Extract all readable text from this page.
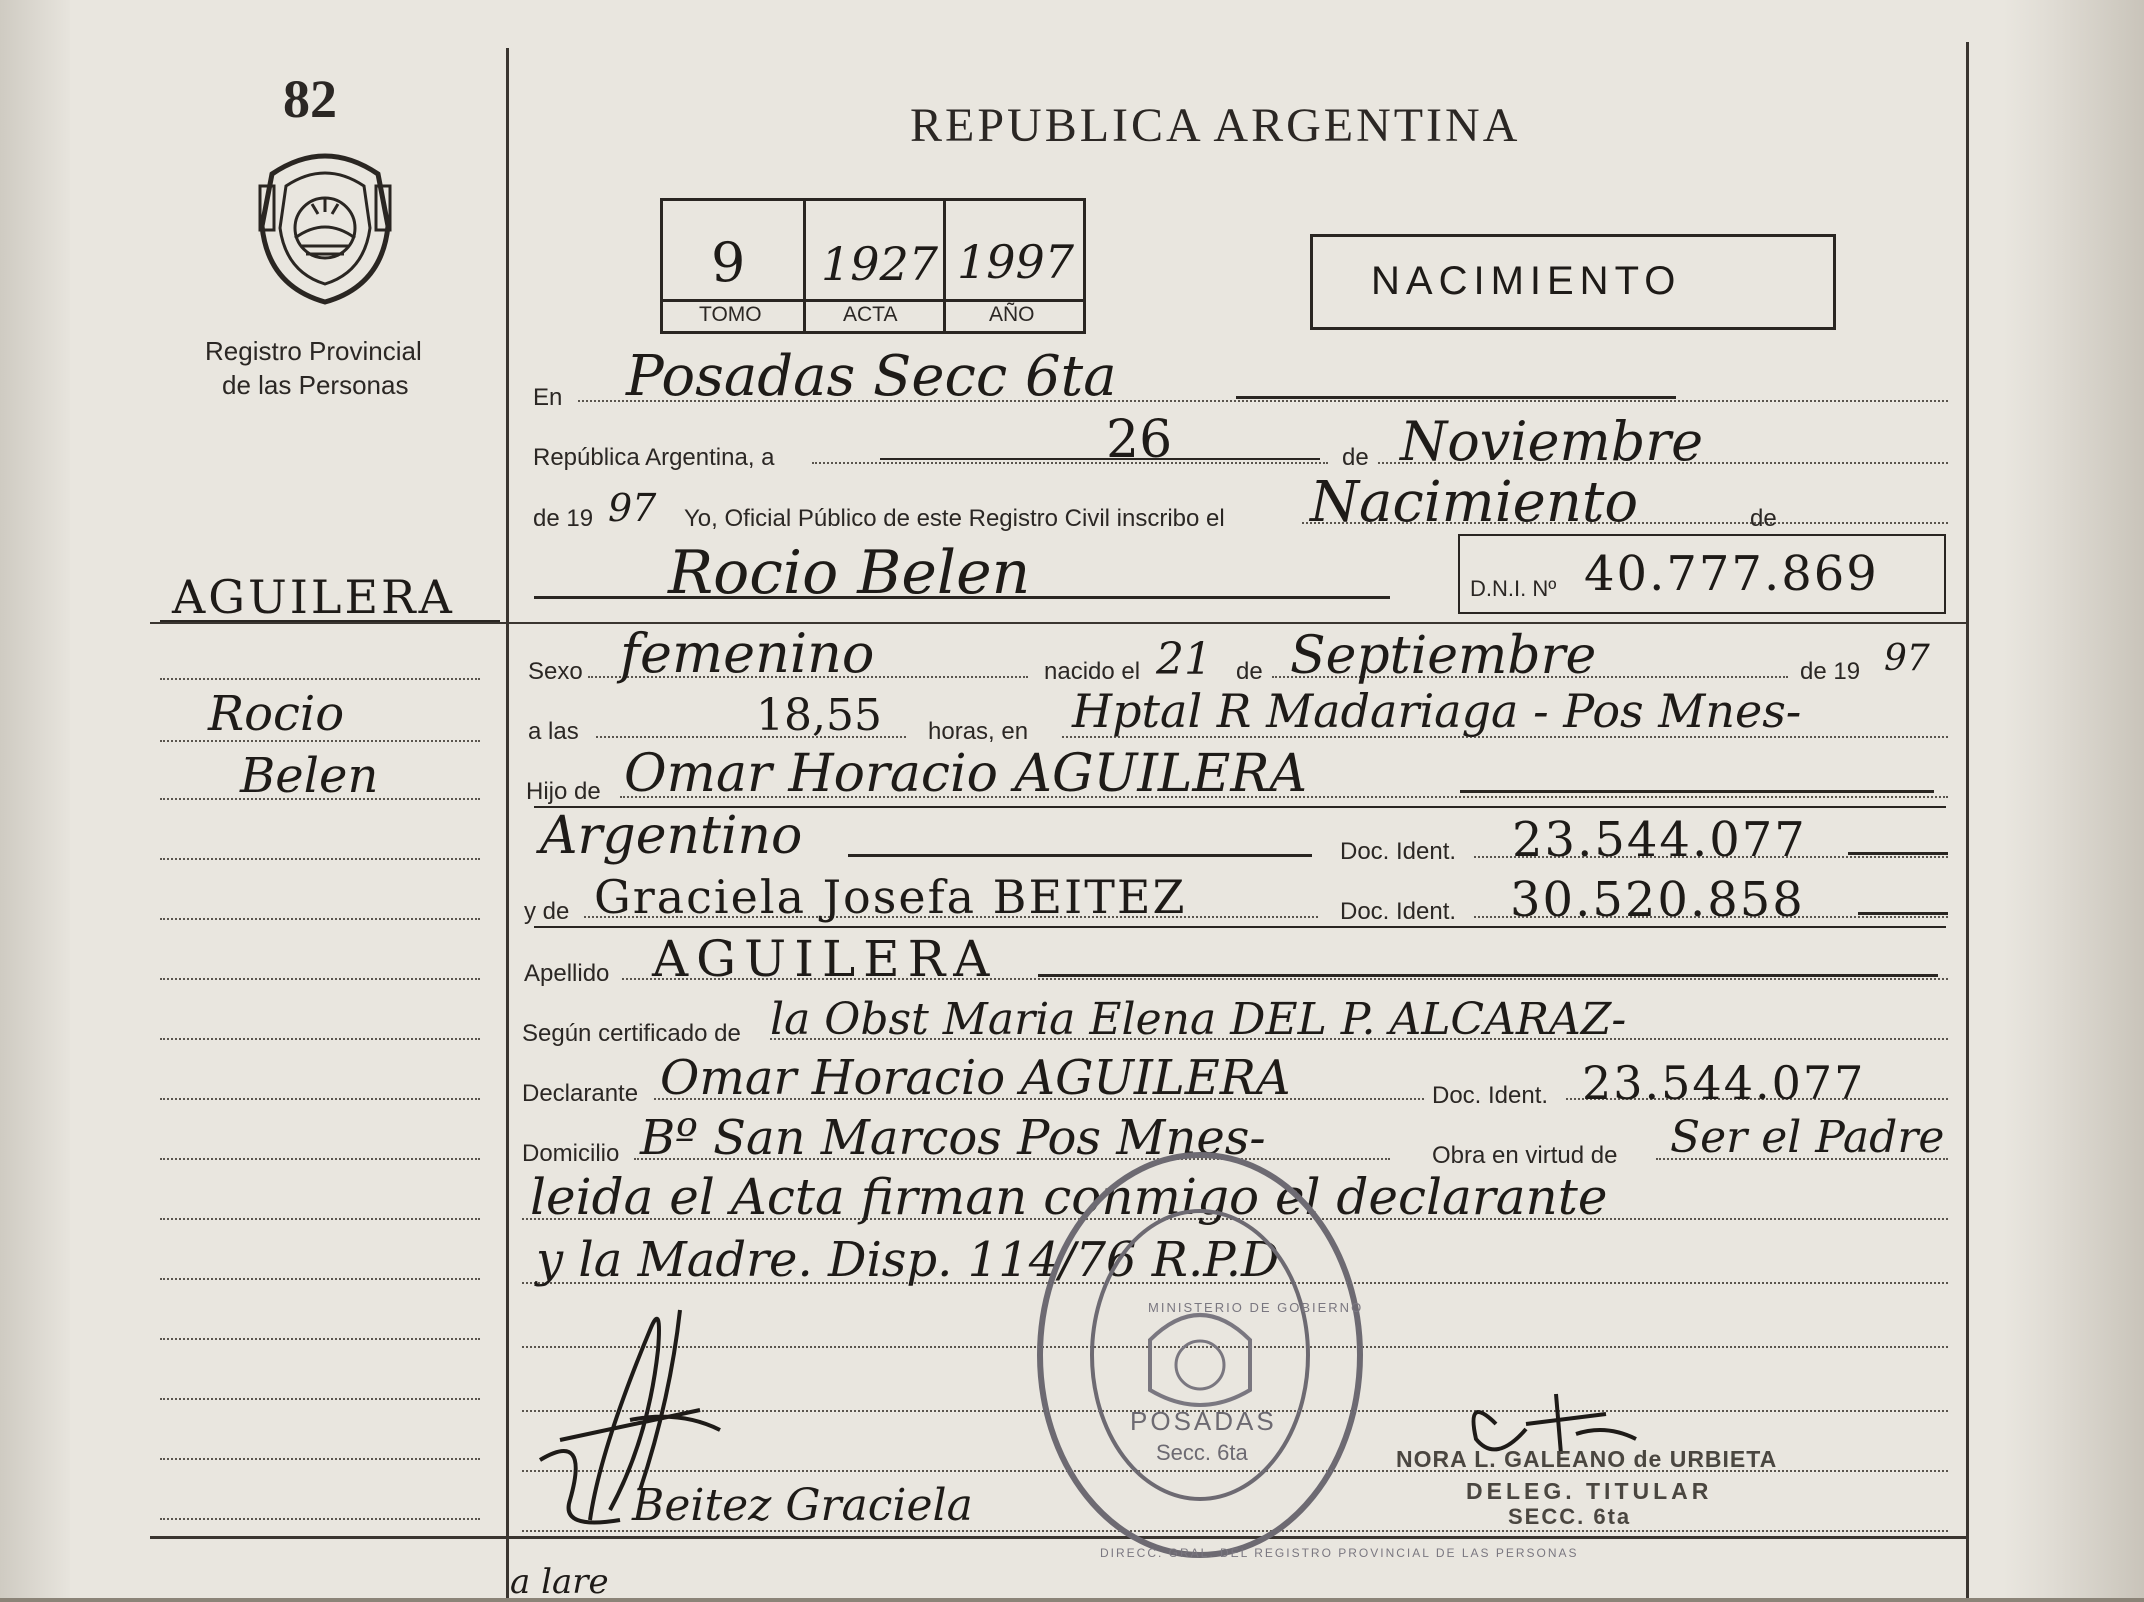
82
Registro Provincial
de las Personas
AGUILERA
Rocio
Belen
REPUBLICA ARGENTINA
9 1927 1997
TOMO	ACTA	AÑO
NACIMIENTO
En Posadas Secc 6ta
República Argentina, a	26	de Noviembre
de 19 97 Yo, Oficial Público de este Registro Civil inscribo el Nacimiento	de
Rocio Belen	D.N.I. Nº 40.777.869
Sexo femenino	nacido el 21 de Septiembre	de 19 97
a las	18,55 horas, en Hptal R Madariaga - Pos Mnes-
Hijo de Omar Horacio AGUILERA
Argentino	Doc. Ident. 23.544.077
y de Graciela Josefa BEITEZ	Doc. Ident. 30.520.858
Apellido AGUILERA
Según certificado de la Obst Maria Elena DEL P. ALCARAZ-
Declarante Omar Horacio AGUILERA	Doc. Ident. 23.544.077
Domicilio Bº San Marcos Pos Mnes-	Obra en virtud de Ser el Padre
leida el Acta firman conmigo el declarante
y la Madre. Disp. 114/76 R.P.D
POSADAS
Secc. 6ta
DIRECC. GRAL. DEL REGISTRO PROVINCIAL DE LAS PERSONAS
MINISTERIO DE GOBIERNO
Beitez Graciela
NORA L. GALEANO de URBIETA
DELEG. TITULAR
SECC. 6ta
a lare
